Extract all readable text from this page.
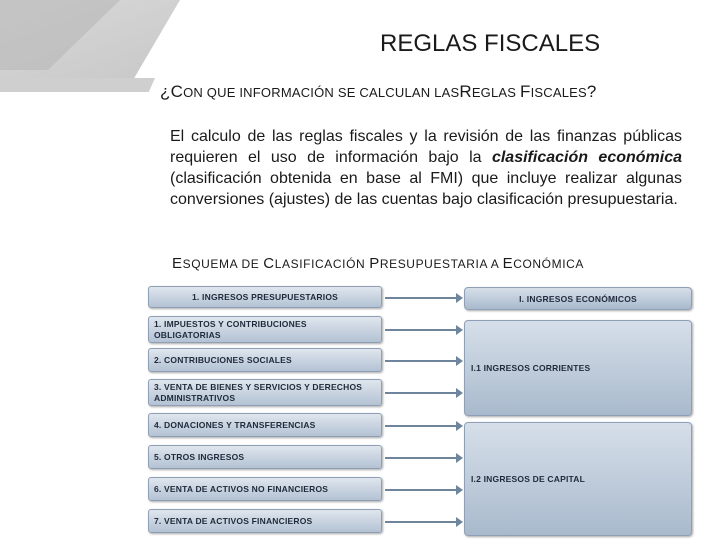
REGLAS FISCALES
¿CON QUE INFORMACIÓN SE CALCULAN LASREGLAS FISCALES?
El calculo de las reglas fiscales y la revisión de las finanzas públicas requieren el uso de información bajo la clasificación económica (clasificación obtenida en base al FMI) que incluye realizar algunas conversiones (ajustes) de las cuentas bajo clasificación presupuestaria.
ESQUEMA DE CLASIFICACIÓN PRESUPUESTARIA A ECONÓMICA
1. INGRESOS PRESUPUESTARIOS
1. IMPUESTOS Y CONTRIBUCIONES OBLIGATORIAS
2. CONTRIBUCIONES SOCIALES
3. VENTA DE BIENES Y SERVICIOS Y DERECHOS ADMINISTRATIVOS
4. DONACIONES Y TRANSFERENCIAS
5. OTROS INGRESOS
6. VENTA DE ACTIVOS NO FINANCIEROS
7. VENTA DE ACTIVOS FINANCIEROS
I. INGRESOS ECONÓMICOS
I.1 INGRESOS CORRIENTES
I.2 INGRESOS DE CAPITAL
